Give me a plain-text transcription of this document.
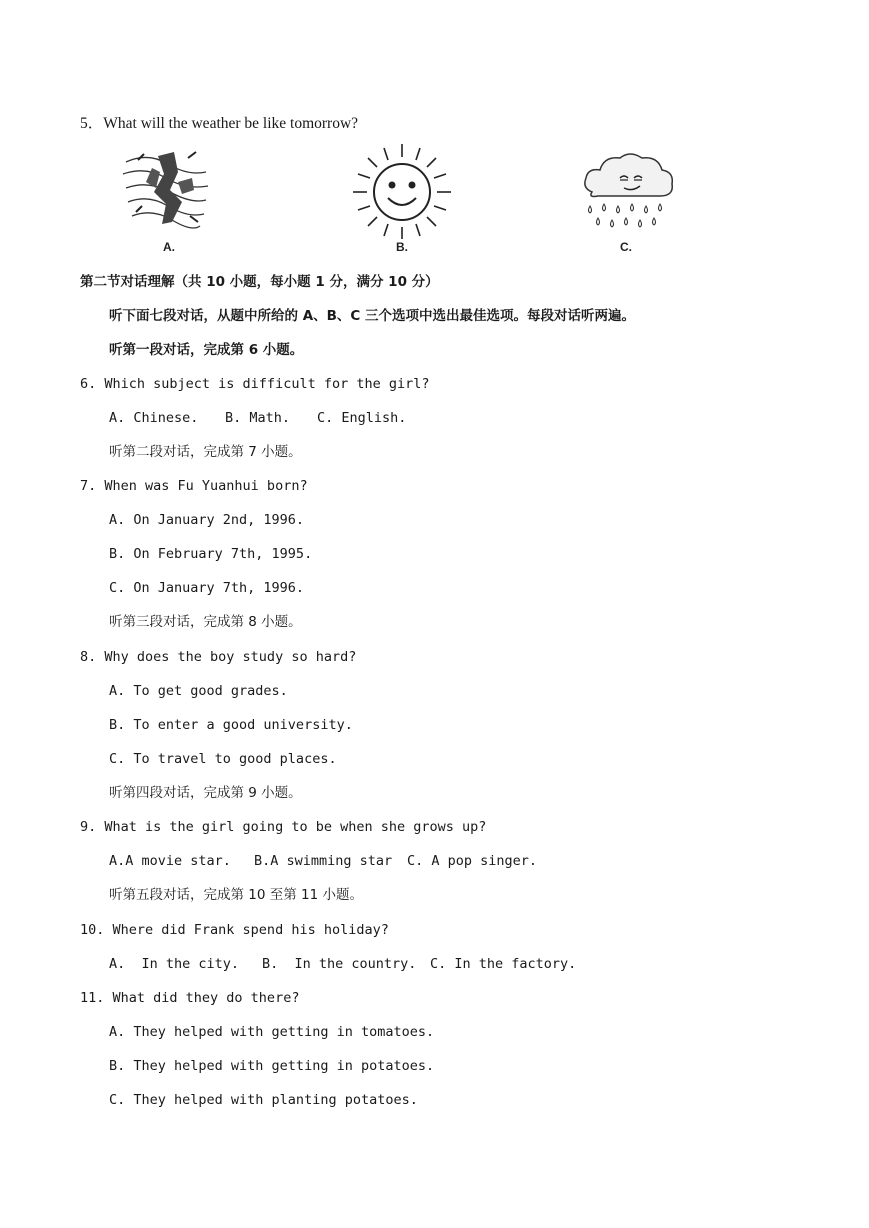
5．What will the weather be like tomorrow?
A.	B.	C.
第二节对话理解（共 10 小题，每小题 1 分，满分 10 分）
听下面七段对话，从题中所给的 A、B、C 三个选项中选出最佳选项。每段对话听两遍。
听第一段对话，完成第 6 小题。
6. Which subject is difficult for the girl?
A. Chinese. B. Math. C. English.
听第二段对话，完成第 7 小题。
7. When was Fu Yuanhui born?
A. On January 2nd, 1996.
B. On February 7th, 1995.
C. On January 7th, 1996.
听第三段对话，完成第 8 小题。
8. Why does the boy study so hard?
A. To get good grades.
B. To enter a good university.
C. To travel to good places.
听第四段对话，完成第 9 小题。
9. What is the girl going to be when she grows up?
A.A movie star. B.A swimming star C. A pop singer.
听第五段对话，完成第 10 至第 11 小题。
10. Where did Frank spend his holiday?
A.  In the city. B.  In the country. C. In the factory.
11. What did they do there?
A. They helped with getting in tomatoes.
B. They helped with getting in potatoes.
C. They helped with planting potatoes.
